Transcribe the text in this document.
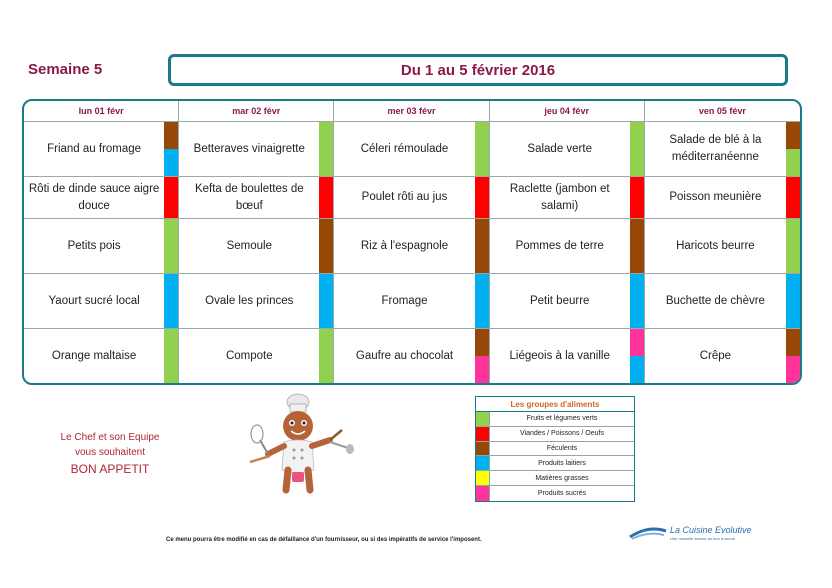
Semaine 5	Du 1 au 5 février 2016
lun 01 févr
Friand au fromage
Rôti de dinde sauce aigre douce
Petits pois
Yaourt sucré local
Orange maltaise
mar 02 févr
Betteraves vinaigrette
Kefta de boulettes de bœuf
Semoule
Ovale les princes
Compote
mer 03 févr
Céleri rémoulade
Poulet rôti au jus
Riz à l'espagnole
Fromage
Gaufre au chocolat
jeu 04 févr
Salade verte
Raclette (jambon et salami)
Pommes de terre
Petit beurre
Liégeois à la vanille
ven 05 févr
Salade de blé à la méditerranéenne
Poisson meunière
Haricots beurre
Buchette de chèvre
Crêpe
Le Chef et son Equipe
vous souhaitent
BON APPETIT
Les groupes d'aliments
Fruits et légumes verts
Viandes / Poissons / Oeufs
Féculents
Produits laitiers
Matières grasses
Produits sucrés
Ce menu pourra être modifié en cas de défaillance d'un fournisseur, ou si des impératifs de service l'imposent.
La Cuisine Evolutive
Une nouvelle saveur au bon à savoir
